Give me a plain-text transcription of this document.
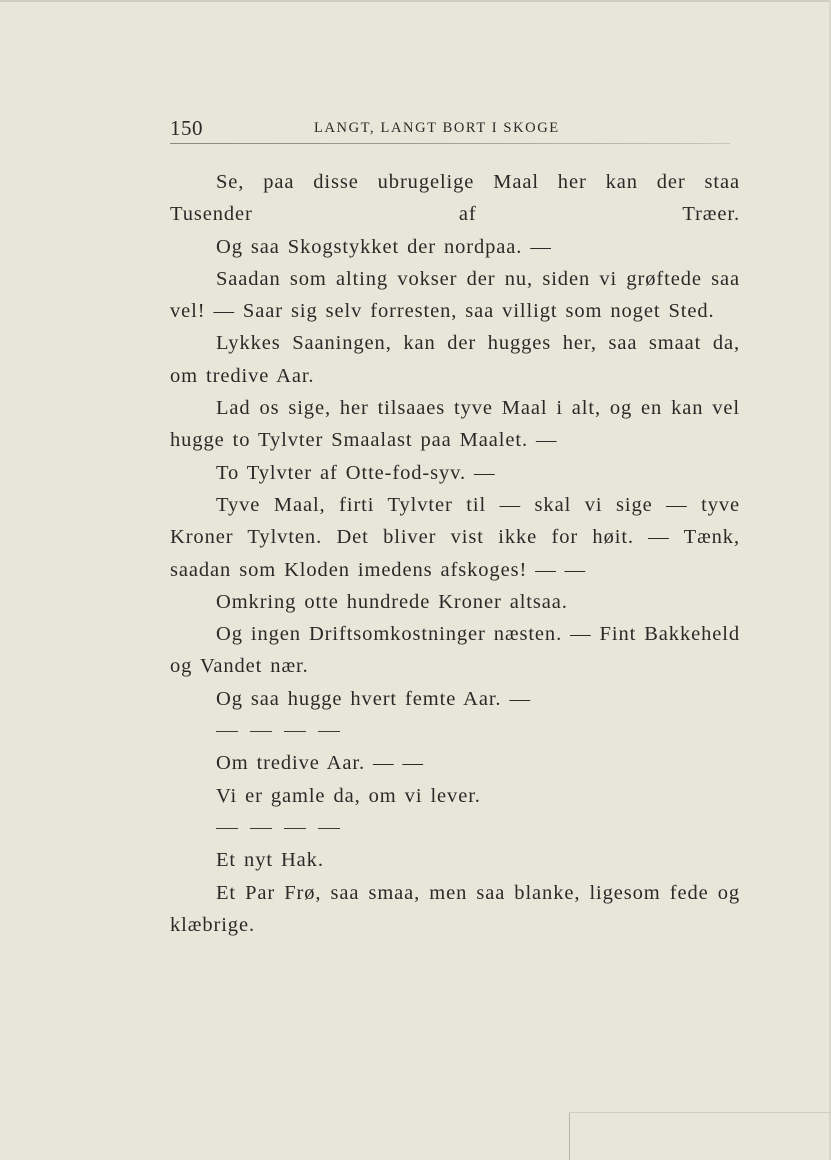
150	LANGT, LANGT BORT I SKOGE

Se, paa disse ubrugelige Maal her kan der staa Tusender af Træer.

Og saa Skogstykket der nordpaa. —

Saadan som alting vokser der nu, siden vi grøftede saa vel! — Saar sig selv forresten, saa villigt som noget Sted.

Lykkes Saaningen, kan der hugges her, saa smaat da, om tredive Aar.

Lad os sige, her tilsaaes tyve Maal i alt, og en kan vel hugge to Tylvter Smaalast paa Maalet. —

To Tylvter af Otte-fod-syv. —

Tyve Maal, firti Tylvter til — skal vi sige — tyve Kroner Tylvten. Det bliver vist ikke for høit. — Tænk, saadan som Kloden imedens afskoges! — —

Omkring otte hundrede Kroner altsaa.

Og ingen Driftsomkostninger næsten. — Fint Bakkeheld og Vandet nær.

Og saa hugge hvert femte Aar. —

Om tredive Aar. — —

Vi er gamle da, om vi lever.

Et nyt Hak.

Et Par Frø, saa smaa, men saa blanke, ligesom fede og klæbrige.
